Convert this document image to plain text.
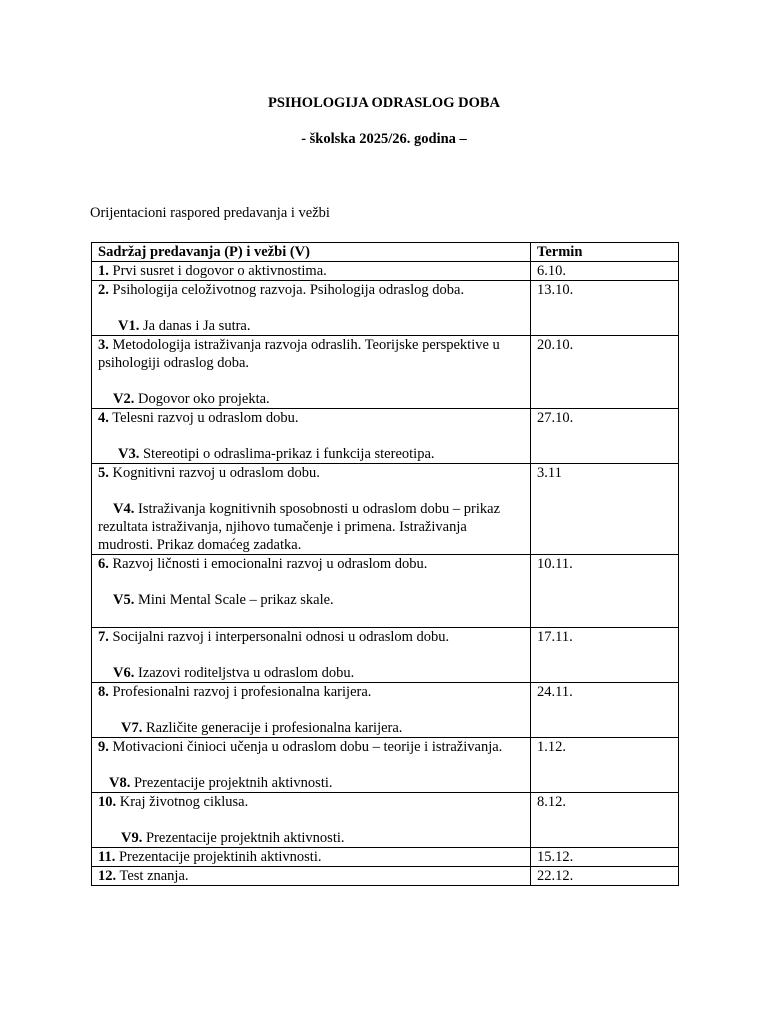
PSIHOLOGIJA ODRASLOG DOBA
- školska 2025/26. godina –
Orijentacioni raspored predavanja i vežbi
Sadržaj predavanja (P) i vežbi (V)	Termin
1. Prvi susret i dogovor o aktivnostima.	6.10.
2. Psihologija celoživotnog razvoja. Psihologija odraslog doba.
V1. Ja danas i Ja sutra.	13.10.
3. Metodologija istraživanja razvoja odraslih. Teorijske perspektive u psihologiji odraslog doba.
V2. Dogovor oko projekta.	20.10.
4. Telesni razvoj u odraslom dobu.
V3. Stereotipi o odraslima-prikaz i funkcija stereotipa.	27.10.
5. Kognitivni razvoj u odraslom dobu.
V4. Istraživanja kognitivnih sposobnosti u odraslom dobu – prikaz rezultata istraživanja, njihovo tumačenje i primena. Istraživanja mudrosti. Prikaz domaćeg zadatka.	3.11
6. Razvoj ličnosti i emocionalni razvoj u odraslom dobu.
V5. Mini Mental Scale – prikaz skale.	10.11.
7. Socijalni razvoj i interpersonalni odnosi u odraslom dobu.
V6. Izazovi roditeljstva u odraslom dobu.	17.11.
8. Profesionalni razvoj i profesionalna karijera.
V7. Različite generacije i profesionalna karijera.	24.11.
9. Motivacioni činioci učenja u odraslom dobu – teorije i istraživanja.
V8. Prezentacije projektnih aktivnosti.	1.12.
10. Kraj životnog ciklusa.
V9. Prezentacije projektnih aktivnosti.	8.12.
11. Prezentacije projektinih aktivnosti.	15.12.
12. Test znanja.	22.12.
